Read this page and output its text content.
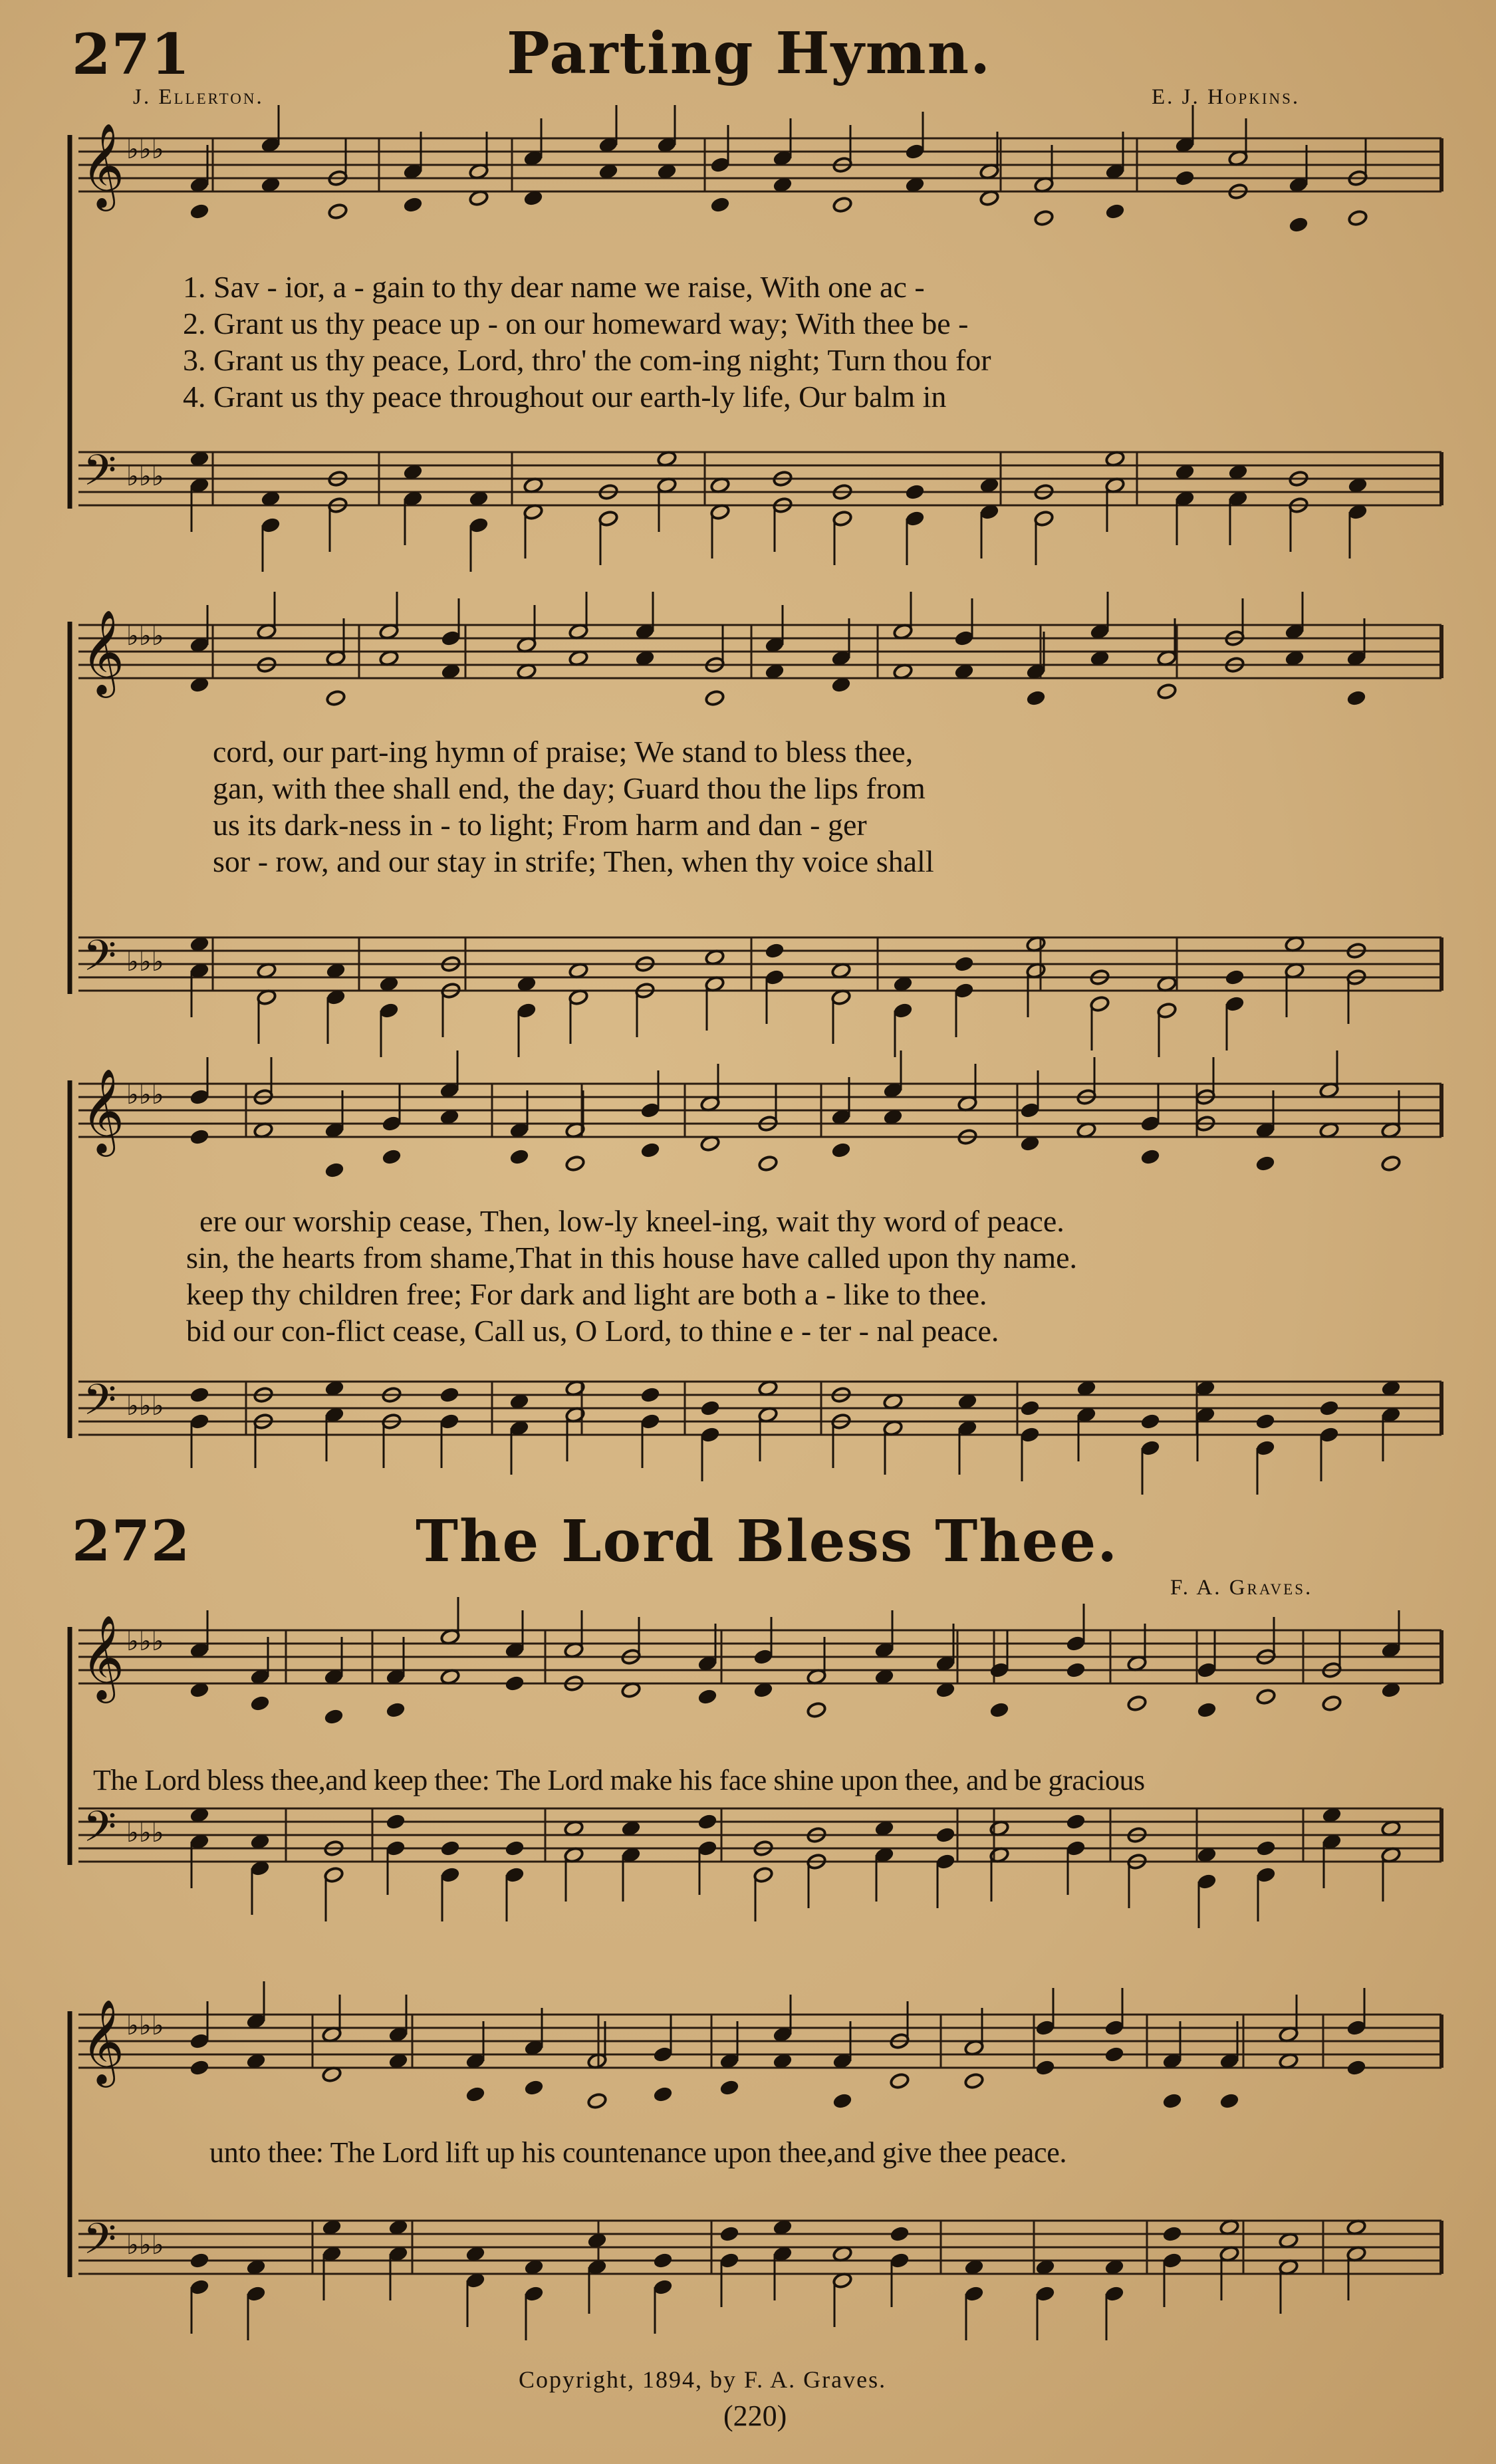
271	Parting Hymn.
J. Ellerton.	E. J. Hopkins.
𝄞
𝄢
♭♭♭
♭♭♭
𝄞
𝄢
♭♭♭
♭♭♭
𝄞
𝄢
♭♭♭
♭♭♭
𝄞
𝄢
♭♭♭
♭♭♭
𝄞
𝄢
♭♭♭
♭♭♭
1. Sav - ior, a - gain to thy dear name we raise, With one ac -
2. Grant us thy peace up - on our homeward way; With thee be -
3. Grant us thy peace, Lord, thro' the com-ing night; Turn thou for
4. Grant us thy peace throughout our earth-ly life, Our balm in
cord, our part-ing hymn of praise; We stand to bless thee,
gan, with thee shall end, the day; Guard thou the lips from
us its dark-ness in - to light; From harm and dan - ger
sor - row, and our stay in strife; Then, when thy voice shall
ere our worship cease, Then, low-ly kneel-ing, wait thy word of peace.
sin, the hearts from shame,That in this house have called upon thy name.
keep thy children free; For dark and light are both a - like to thee.
bid our con-flict cease, Call us, O Lord, to thine e - ter - nal peace.
272	The Lord Bless Thee.
F. A. Graves.
The Lord bless thee,and keep thee: The Lord make his face shine upon thee, and be gracious
unto thee: The Lord lift up his countenance upon thee,and give thee peace.
Copyright, 1894, by F. A. Graves.
(220)
